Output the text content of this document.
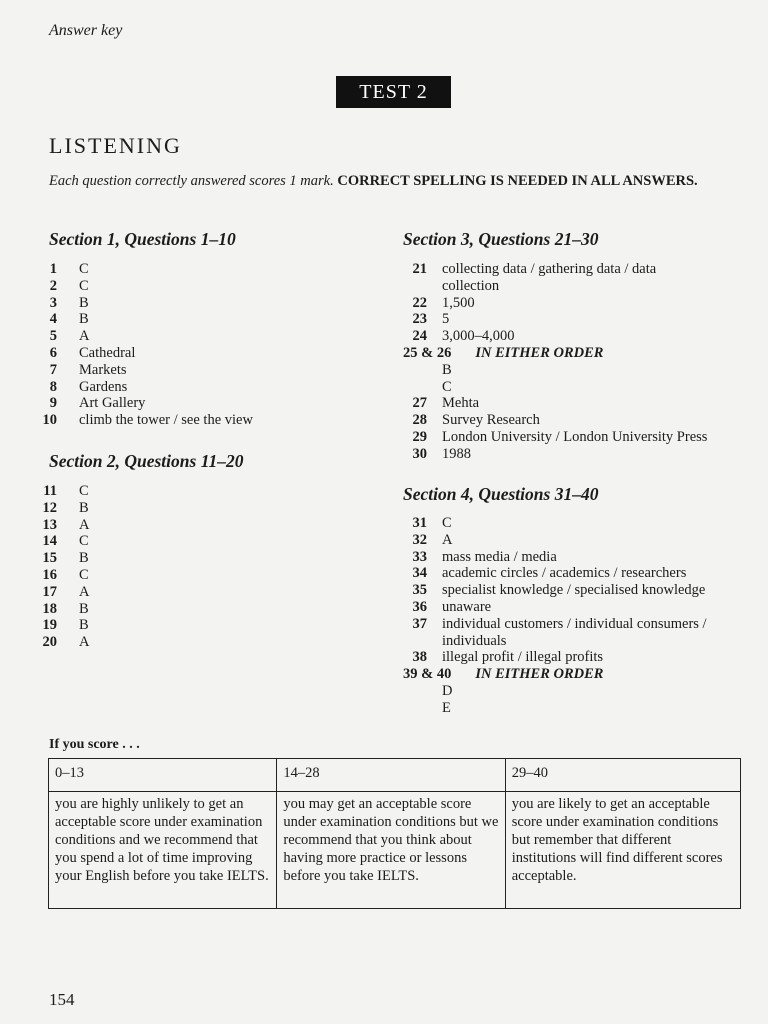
Answer key
TEST 2
LISTENING
Each question correctly answered scores 1 mark. CORRECT SPELLING IS NEEDED IN ALL ANSWERS.
Section 1, Questions 1–10
1 C
2 C
3 B
4 B
5 A
6 Cathedral
7 Markets
8 Gardens
9 Art Gallery
10 climb the tower / see the view
Section 2, Questions 11–20
11 C
12 B
13 A
14 C
15 B
16 C
17 A
18 B
19 B
20 A
Section 3, Questions 21–30
21 collecting data / gathering data / data
collection
22 1,500
23 5
24 3,000–4,000
25 & 26 IN EITHER ORDER
B
C
27 Mehta
28 Survey Research
29 London University / London University Press
30 1988
Section 4, Questions 31–40
31 C
32 A
33 mass media / media
34 academic circles / academics / researchers
35 specialist knowledge / specialised knowledge
36 unaware
37 individual customers / individual consumers /
individuals
38 illegal profit / illegal profits
39 & 40 IN EITHER ORDER
D
E
If you score . . .
0–13	14–28	29–40
you are highly unlikely to get an acceptable score under examination conditions and we recommend that you spend a lot of time improving your English before you take IELTS.	you may get an acceptable score under examination conditions but we recommend that you think about having more practice or lessons before you take IELTS.	you are likely to get an acceptable score under examination conditions but remember that different institutions will find different scores acceptable.
154
